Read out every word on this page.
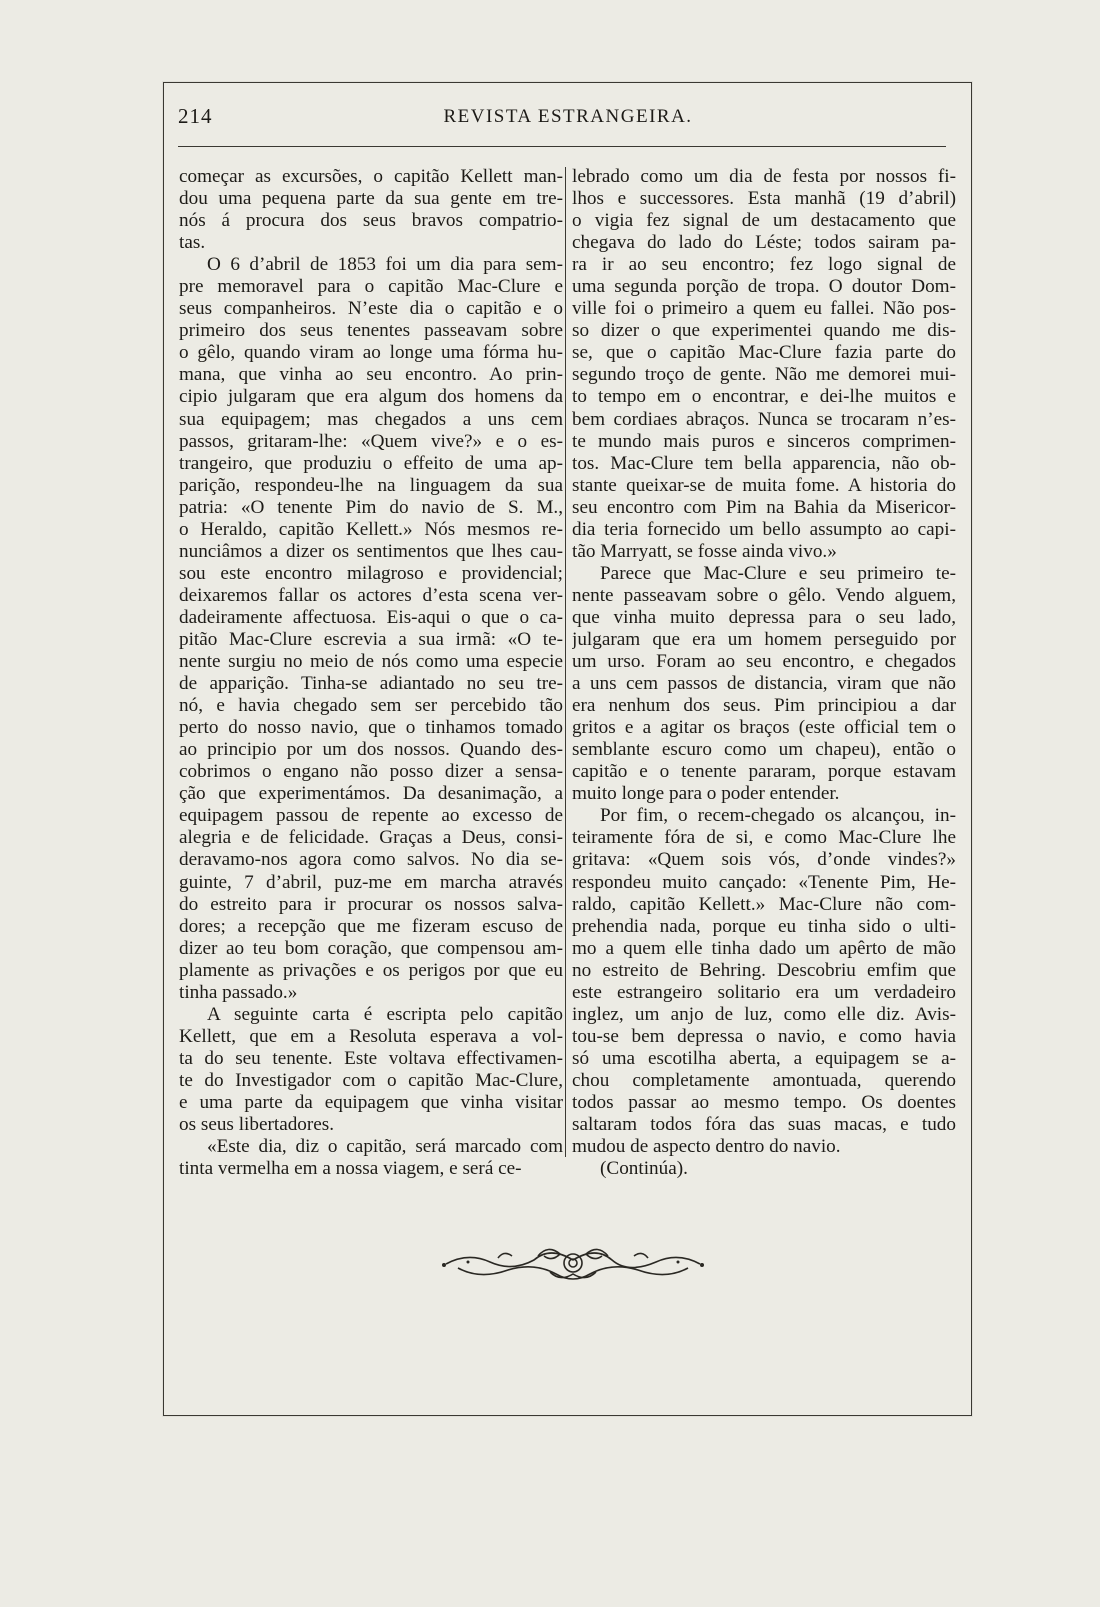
214	REVISTA ESTRANGEIRA.
começar as excursões, o capitão Kellett man-
dou uma pequena parte da sua gente em tre-
nós á procura dos seus bravos compatrio-
tas.
O 6 d’abril de 1853 foi um dia para sem-
pre memoravel para o capitão Mac-Clure e
seus companheiros. N’este dia o capitão e o
primeiro dos seus tenentes passeavam sobre
o gêlo, quando viram ao longe uma fórma hu-
mana, que vinha ao seu encontro. Ao prin-
cipio julgaram que era algum dos homens da
sua equipagem; mas chegados a uns cem
passos, gritaram-lhe: «Quem vive?» e o es-
trangeiro, que produziu o effeito de uma ap-
parição, respondeu-lhe na linguagem da sua
patria: «O tenente Pim do navio de S. M.,
o Heraldo, capitão Kellett.» Nós mesmos re-
nunciâmos a dizer os sentimentos que lhes cau-
sou este encontro milagroso e providencial;
deixaremos fallar os actores d’esta scena ver-
dadeiramente affectuosa. Eis-aqui o que o ca-
pitão Mac-Clure escrevia a sua irmã: «O te-
nente surgiu no meio de nós como uma especie
de apparição. Tinha-se adiantado no seu tre-
nó, e havia chegado sem ser percebido tão
perto do nosso navio, que o tinhamos tomado
ao principio por um dos nossos. Quando des-
cobrimos o engano não posso dizer a sensa-
ção que experimentámos. Da desanimação, a
equipagem passou de repente ao excesso de
alegria e de felicidade. Graças a Deus, consi-
deravamo-nos agora como salvos. No dia se-
guinte, 7 d’abril, puz-me em marcha através
do estreito para ir procurar os nossos salva-
dores; a recepção que me fizeram escuso de
dizer ao teu bom coração, que compensou am-
plamente as privações e os perigos por que eu
tinha passado.»
A seguinte carta é escripta pelo capitão
Kellett, que em a Resoluta esperava a vol-
ta do seu tenente. Este voltava effectivamen-
te do Investigador com o capitão Mac-Clure,
e uma parte da equipagem que vinha visitar
os seus libertadores.
«Este dia, diz o capitão, será marcado com
tinta vermelha em a nossa viagem, e será ce-
lebrado como um dia de festa por nossos fi-
lhos e successores. Esta manhã (19 d’abril)
o vigia fez signal de um destacamento que
chegava do lado do Léste; todos sairam pa-
ra ir ao seu encontro; fez logo signal de
uma segunda porção de tropa. O doutor Dom-
ville foi o primeiro a quem eu fallei. Não pos-
so dizer o que experimentei quando me dis-
se, que o capitão Mac-Clure fazia parte do
segundo troço de gente. Não me demorei mui-
to tempo em o encontrar, e dei-lhe muitos e
bem cordiaes abraços. Nunca se trocaram n’es-
te mundo mais puros e sinceros comprimen-
tos. Mac-Clure tem bella apparencia, não ob-
stante queixar-se de muita fome. A historia do
seu encontro com Pim na Bahia da Misericor-
dia teria fornecido um bello assumpto ao capi-
tão Marryatt, se fosse ainda vivo.»
Parece que Mac-Clure e seu primeiro te-
nente passeavam sobre o gêlo. Vendo alguem,
que vinha muito depressa para o seu lado,
julgaram que era um homem perseguido por
um urso. Foram ao seu encontro, e chegados
a uns cem passos de distancia, viram que não
era nenhum dos seus. Pim principiou a dar
gritos e a agitar os braços (este official tem o
semblante escuro como um chapeu), então o
capitão e o tenente pararam, porque estavam
muito longe para o poder entender.
Por fim, o recem-chegado os alcançou, in-
teiramente fóra de si, e como Mac-Clure lhe
gritava: «Quem sois vós, d’onde vindes?»
respondeu muito cançado: «Tenente Pim, He-
raldo, capitão Kellett.» Mac-Clure não com-
prehendia nada, porque eu tinha sido o ulti-
mo a quem elle tinha dado um apêrto de mão
no estreito de Behring. Descobriu emfim que
este estrangeiro solitario era um verdadeiro
inglez, um anjo de luz, como elle diz. Avis-
tou-se bem depressa o navio, e como havia
só uma escotilha aberta, a equipagem se a-
chou completamente amontuada, querendo
todos passar ao mesmo tempo. Os doentes
saltaram todos fóra das suas macas, e tudo
mudou de aspecto dentro do navio.
(Continúa).
